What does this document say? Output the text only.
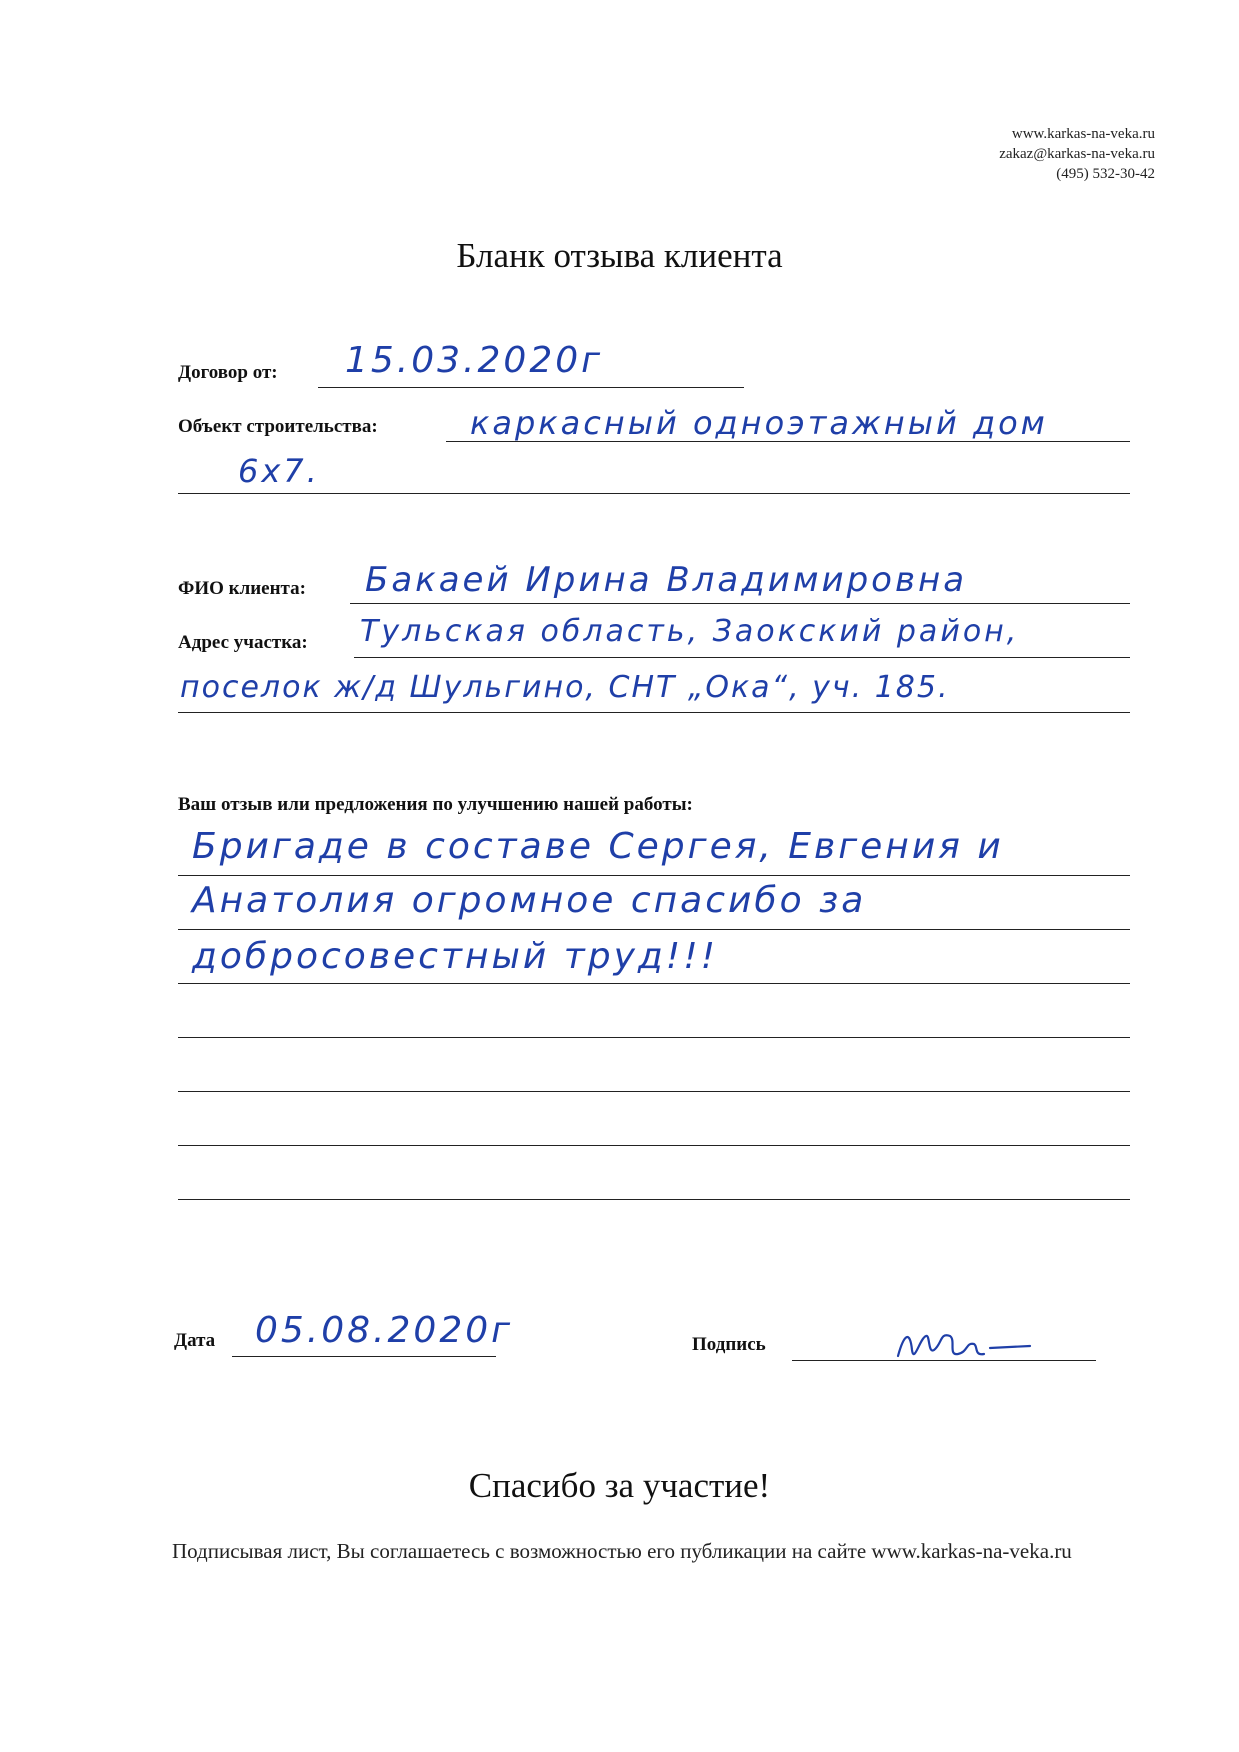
www.karkas-na-veka.ru
zakaz@karkas-na-veka.ru
(495) 532-30-42
Бланк отзыва клиента
Договор от: 15.03.2020г
Объект строительства:	каркасный одноэтажный дом
6х7.
ФИО клиента: Бакаей Ирина Владимировна
Адрес участка: Тульская область, Заокский район,
поселок ж/д Шульгино, СНТ „Ока“, уч. 185.
Ваш отзыв или предложения по улучшению нашей работы:
Бригаде в составе Сергея, Евгения и
Анатолия огромное спасибо за
добросовестный труд!!!
Дата 05.08.2020г	Подпись
Спасибо за участие!
Подписывая лист, Вы соглашаетесь с возможностью его публикации на сайте www.karkas-na-veka.ru
